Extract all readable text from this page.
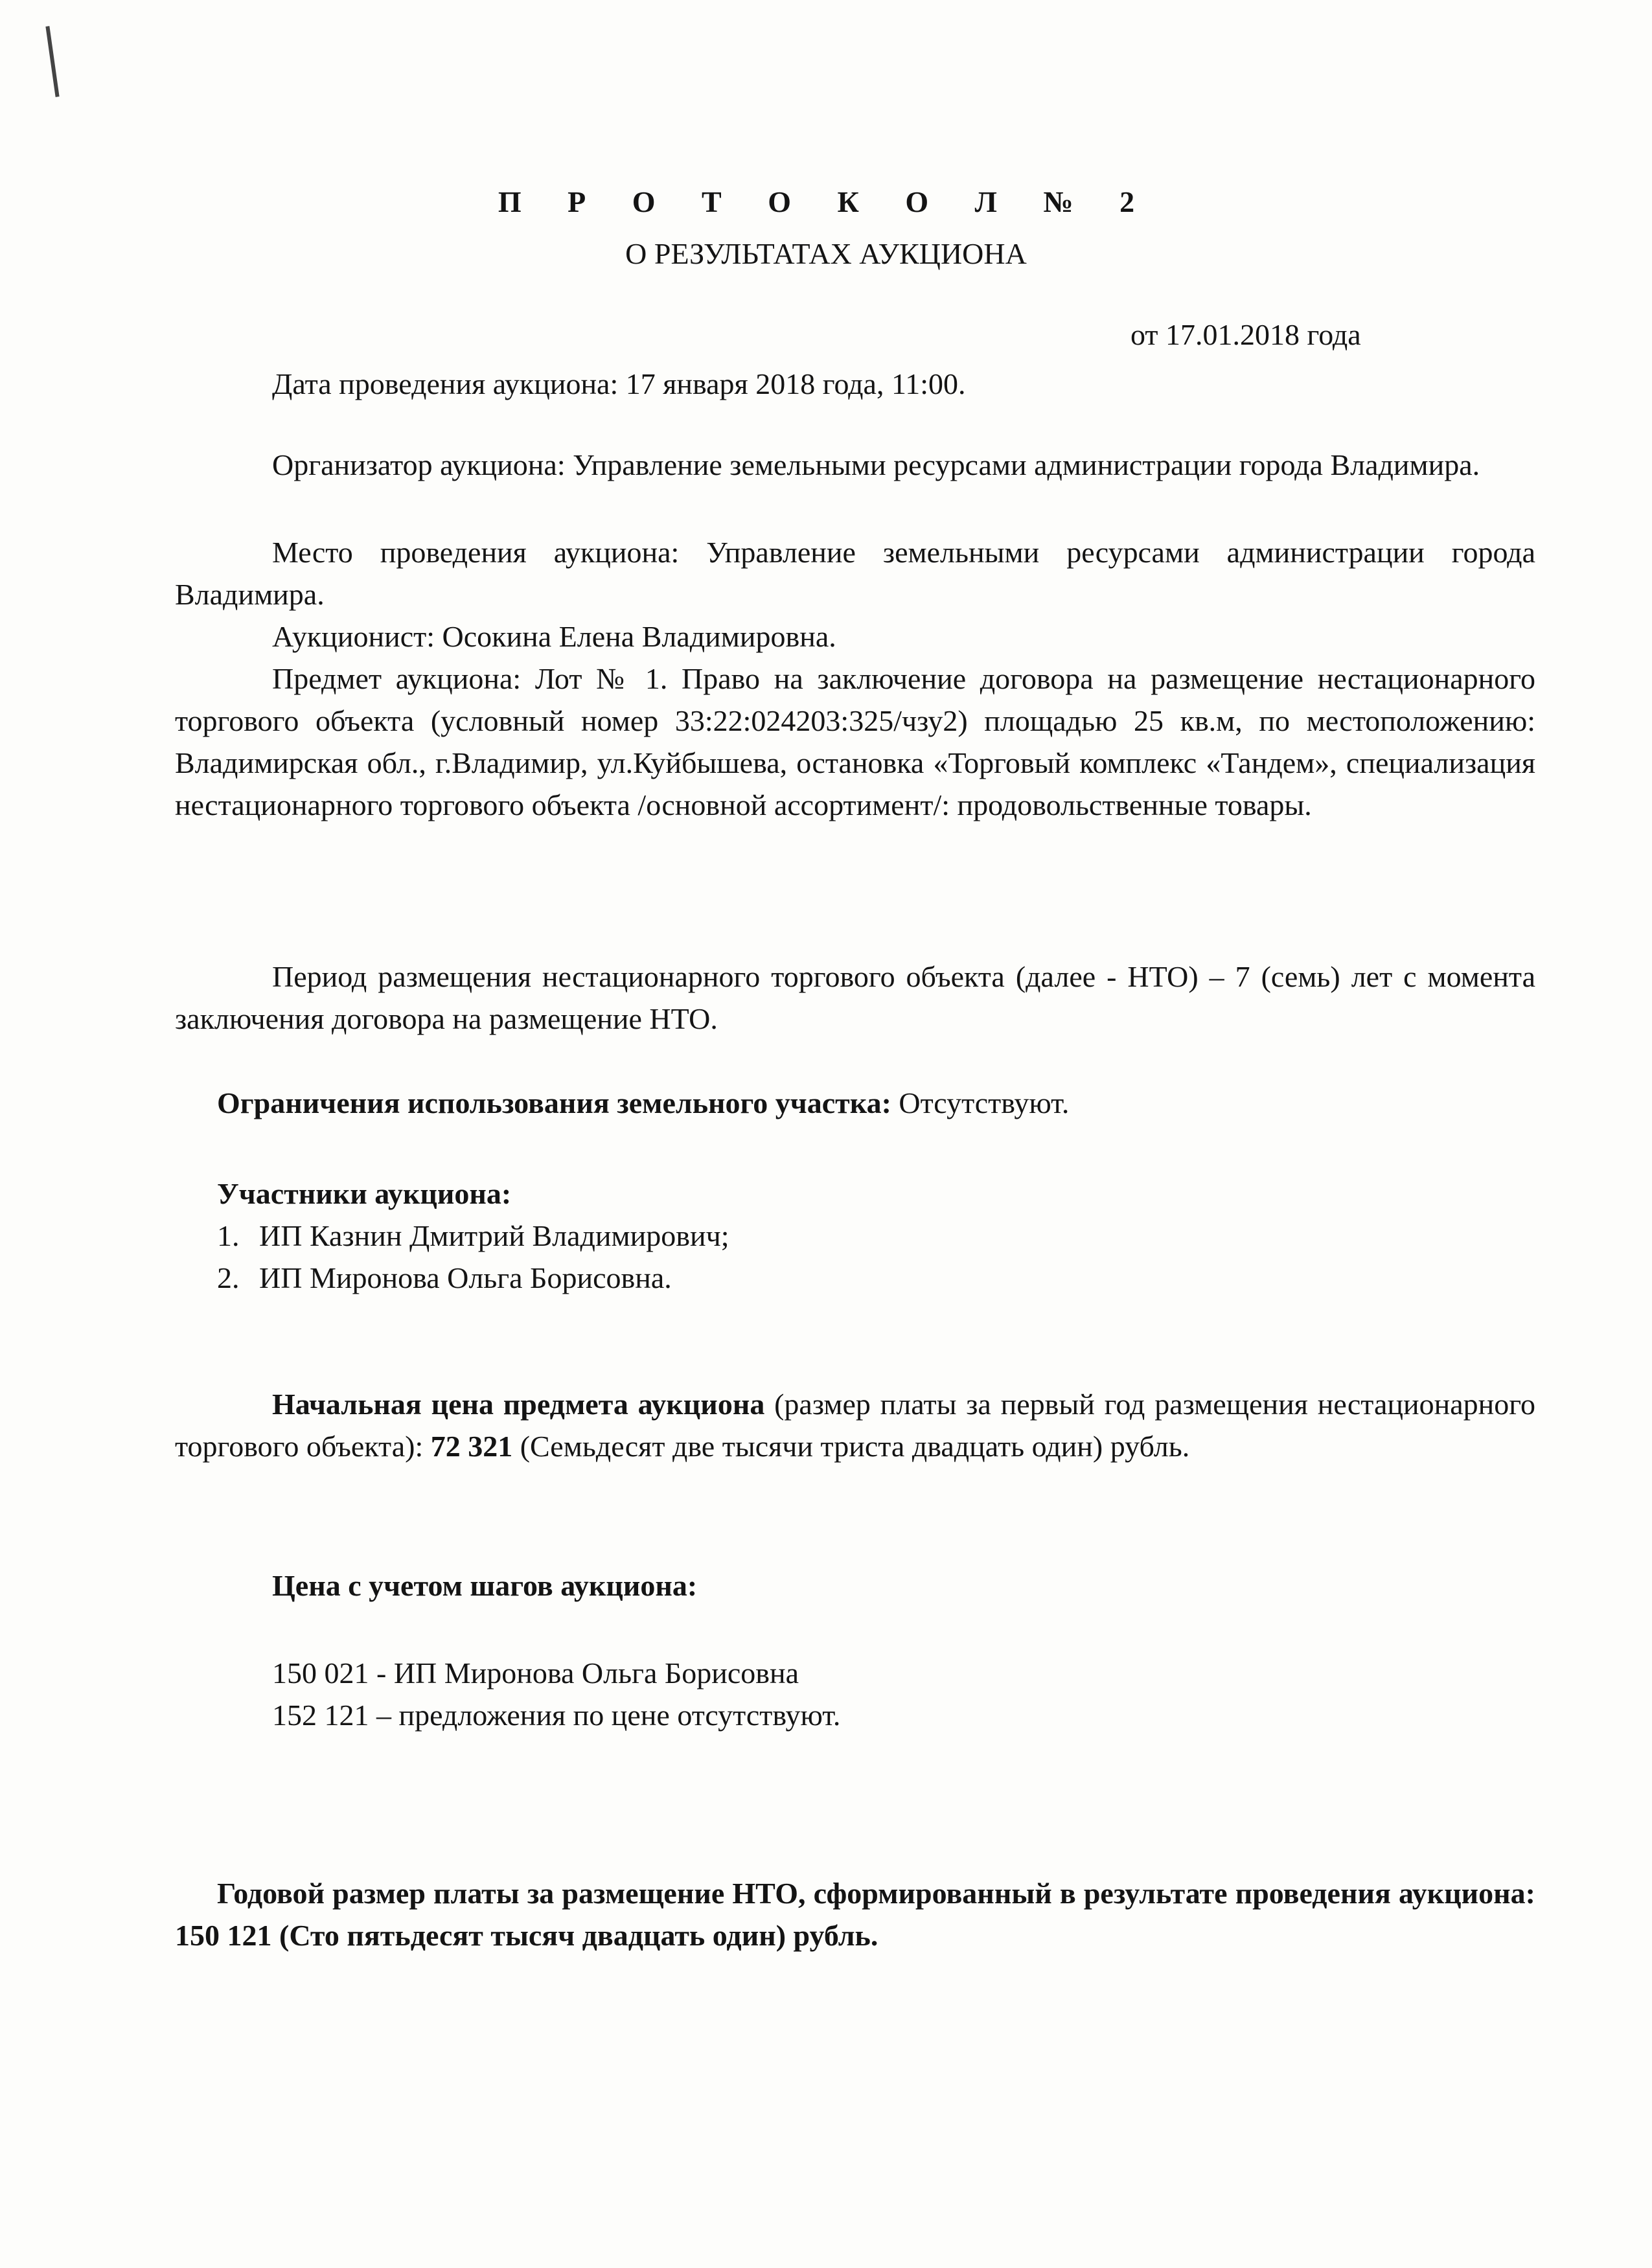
П Р О Т О К О Л № 2
О РЕЗУЛЬТАТАХ АУКЦИОНА
от 17.01.2018 года
Дата проведения аукциона: 17 января 2018 года, 11:00.
Организатор аукциона: Управление земельными ресурсами администрации города Владимира.
Место проведения аукциона: Управление земельными ресурсами администрации города Владимира.
Аукционист: Осокина Елена Владимировна.
Предмет аукциона: Лот № 1. Право на заключение договора на размещение нестационарного торгового объекта (условный номер 33:22:024203:325/чзу2) площадью 25 кв.м, по местоположению: Владимирская обл., г.Владимир, ул.Куйбышева, остановка «Торговый комплекс «Тандем», специализация нестационарного торгового объекта /основной ассортимент/: продовольственные товары.
Период размещения нестационарного торгового объекта (далее - НТО) – 7 (семь) лет с момента заключения договора на размещение НТО.
Ограничения использования земельного участка: Отсутствуют.
Участники аукциона:
1. ИП Казнин Дмитрий Владимирович;
2. ИП Миронова Ольга Борисовна.
Начальная цена предмета аукциона (размер платы за первый год размещения нестационарного торгового объекта): 72 321 (Семьдесят две тысячи триста двадцать один) рубль.
Цена с учетом шагов аукциона:
150 021 - ИП Миронова Ольга Борисовна
152 121 – предложения по цене отсутствуют.
Годовой размер платы за размещение НТО, сформированный в результате проведения аукциона: 150 121 (Сто пятьдесят тысяч двадцать один) рубль.
